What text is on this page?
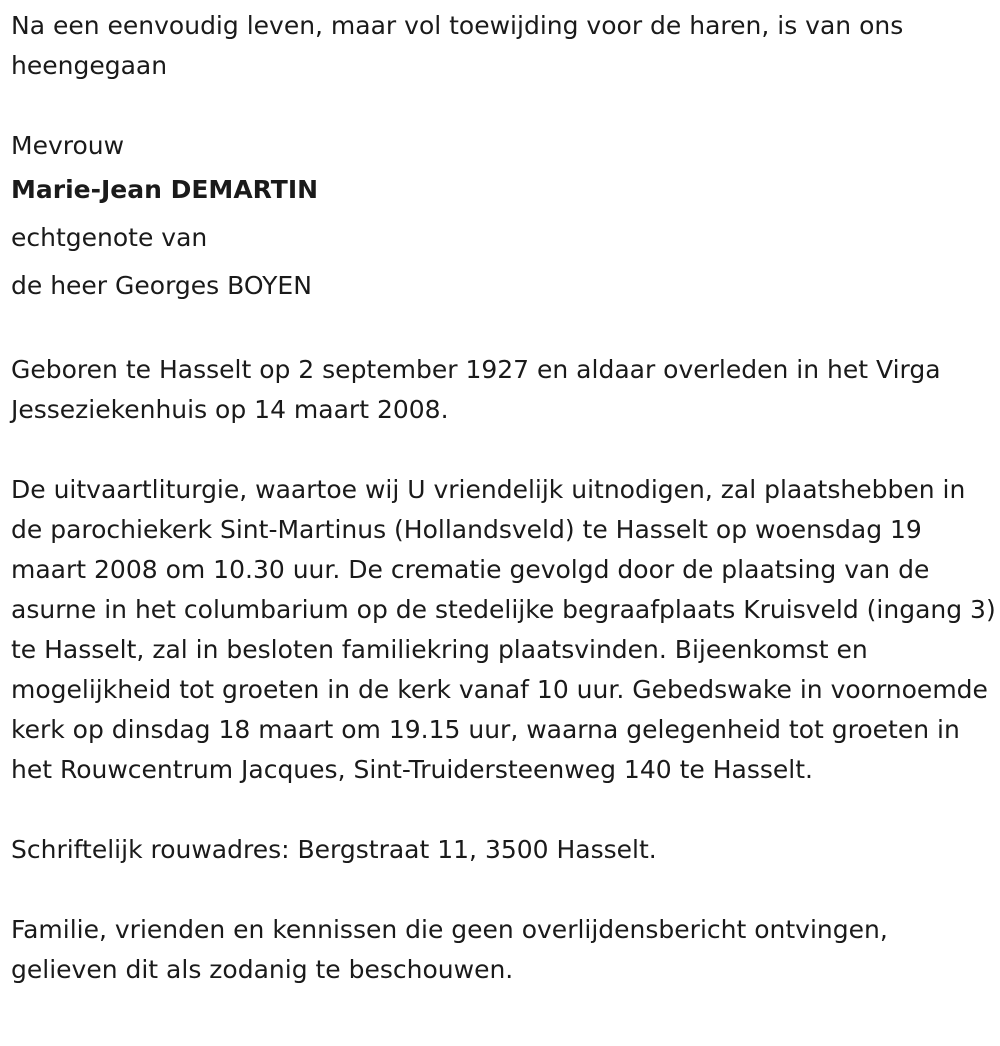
Na een eenvoudig leven, maar vol toewijding voor de haren, is van ons heengegaan

Mevrouw

Marie-Jean DEMARTIN

echtgenote van

de heer Georges BOYEN

Geboren te Hasselt op 2 september 1927 en aldaar overleden in het Virga Jesseziekenhuis op 14 maart 2008.

De uitvaartliturgie, waartoe wij U vriendelijk uitnodigen, zal plaatshebben in de parochiekerk Sint-Martinus (Hollandsveld) te Hasselt op woensdag 19 maart 2008 om 10.30 uur. De crematie gevolgd door de plaatsing van de asurne in het columbarium op de stedelijke begraafplaats Kruisveld (ingang 3) te Hasselt, zal in besloten familiekring plaatsvinden. Bijeenkomst en mogelijkheid tot groeten in de kerk vanaf 10 uur. Gebedswake in voornoemde kerk op dinsdag 18 maart om 19.15 uur, waarna gelegenheid tot groeten in het Rouwcentrum Jacques, Sint-Truidersteenweg 140 te Hasselt.

Schriftelijk rouwadres: Bergstraat 11, 3500 Hasselt.

Familie, vrienden en kennissen die geen overlijdensbericht ontvingen, gelieven dit als zodanig te beschouwen.
